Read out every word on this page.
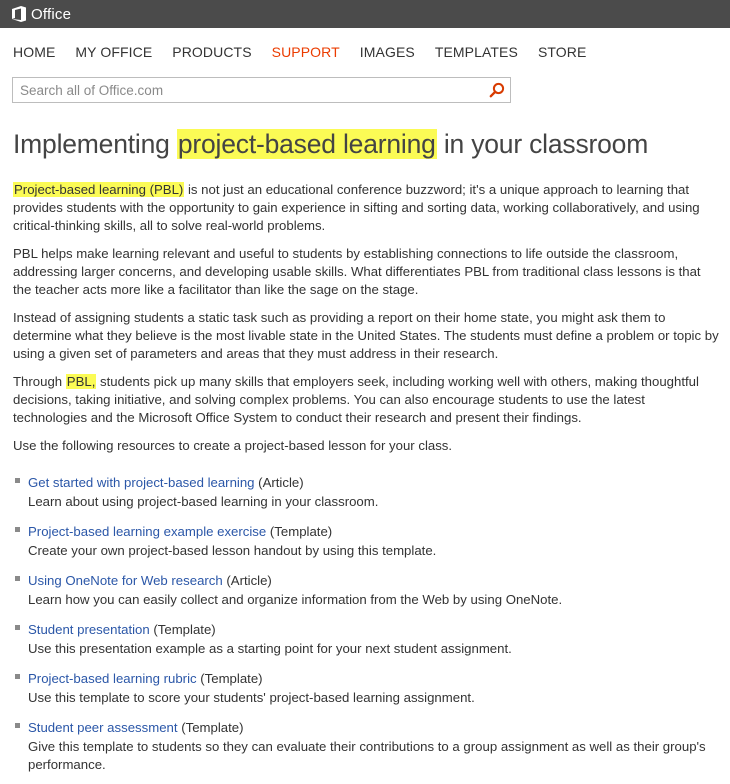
Office
HOME MY OFFICE PRODUCTS SUPPORT IMAGES TEMPLATES STORE
Search all of Office.com
Implementing project-based learning in your classroom

Project-based learning (PBL) is not just an educational conference buzzword; it's a unique approach to learning that provides students with the opportunity to gain experience in sifting and sorting data, working collaboratively, and using critical-thinking skills, all to solve real-world problems.

PBL helps make learning relevant and useful to students by establishing connections to life outside the classroom, addressing larger concerns, and developing usable skills. What differentiates PBL from traditional class lessons is that the teacher acts more like a facilitator than like the sage on the stage.

Instead of assigning students a static task such as providing a report on their home state, you might ask them to determine what they believe is the most livable state in the United States. The students must define a problem or topic by using a given set of parameters and areas that they must address in their research.

Through PBL, students pick up many skills that employers seek, including working well with others, making thoughtful decisions, taking initiative, and solving complex problems. You can also encourage students to use the latest technologies and the Microsoft Office System to conduct their research and present their findings.

Use the following resources to create a project-based lesson for your class.

Get started with project-based learning (Article)
Learn about using project-based learning in your classroom.
Project-based learning example exercise (Template)
Create your own project-based lesson handout by using this template.
Using OneNote for Web research (Article)
Learn how you can easily collect and organize information from the Web by using OneNote.
Student presentation (Template)
Use this presentation example as a starting point for your next student assignment.
Project-based learning rubric (Template)
Use this template to score your students' project-based learning assignment.
Student peer assessment (Template)
Give this template to students so they can evaluate their contributions to a group assignment as well as their group's performance.
